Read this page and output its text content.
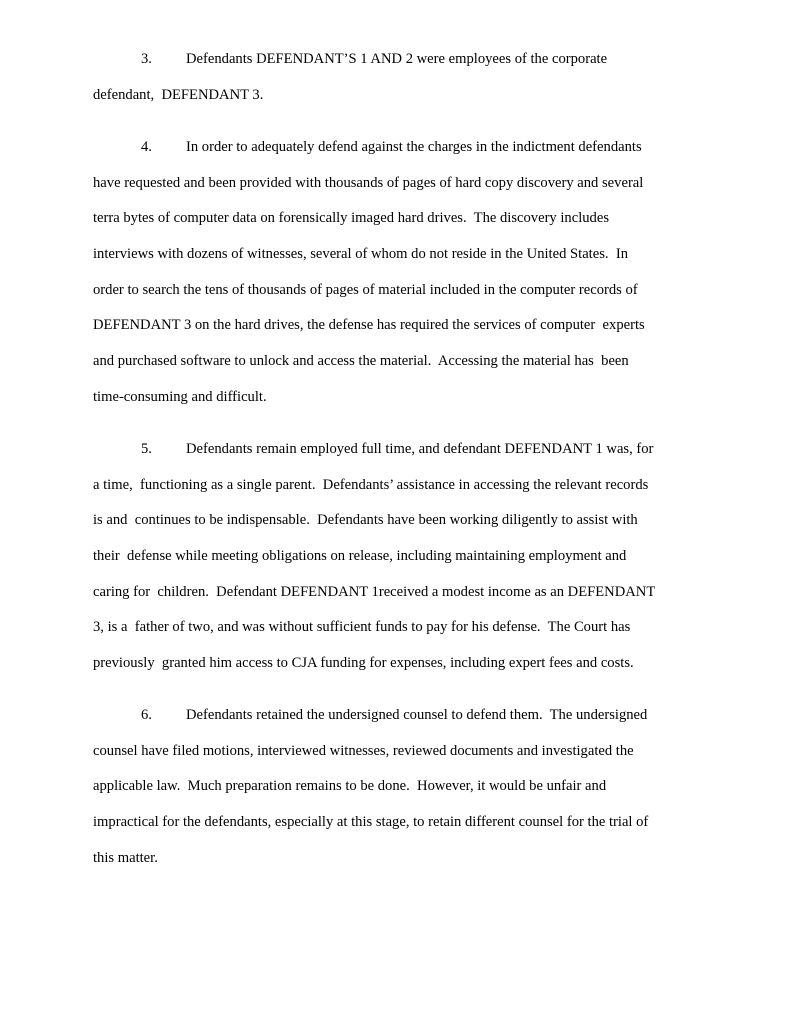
3. Defendants DEFENDANT’S 1 AND 2 were employees of the corporate
defendant,  DEFENDANT 3.
4. In order to adequately defend against the charges in the indictment defendants
have requested and been provided with thousands of pages of hard copy discovery and several
terra bytes of computer data on forensically imaged hard drives.  The discovery includes
interviews with dozens of witnesses, several of whom do not reside in the United States.  In
order to search the tens of thousands of pages of material included in the computer records of
DEFENDANT 3 on the hard drives, the defense has required the services of computer  experts
and purchased software to unlock and access the material.  Accessing the material has  been
time-consuming and difficult.
5. Defendants remain employed full time, and defendant DEFENDANT 1 was, for
a time,  functioning as a single parent.  Defendants’ assistance in accessing the relevant records
is and  continues to be indispensable.  Defendants have been working diligently to assist with
their  defense while meeting obligations on release, including maintaining employment and
caring for  children.  Defendant DEFENDANT 1received a modest income as an DEFENDANT
3, is a  father of two, and was without sufficient funds to pay for his defense.  The Court has
previously  granted him access to CJA funding for expenses, including expert fees and costs.
6. Defendants retained the undersigned counsel to defend them.  The undersigned
counsel have filed motions, interviewed witnesses, reviewed documents and investigated the
applicable law.  Much preparation remains to be done.  However, it would be unfair and
impractical for the defendants, especially at this stage, to retain different counsel for the trial of
this matter.
